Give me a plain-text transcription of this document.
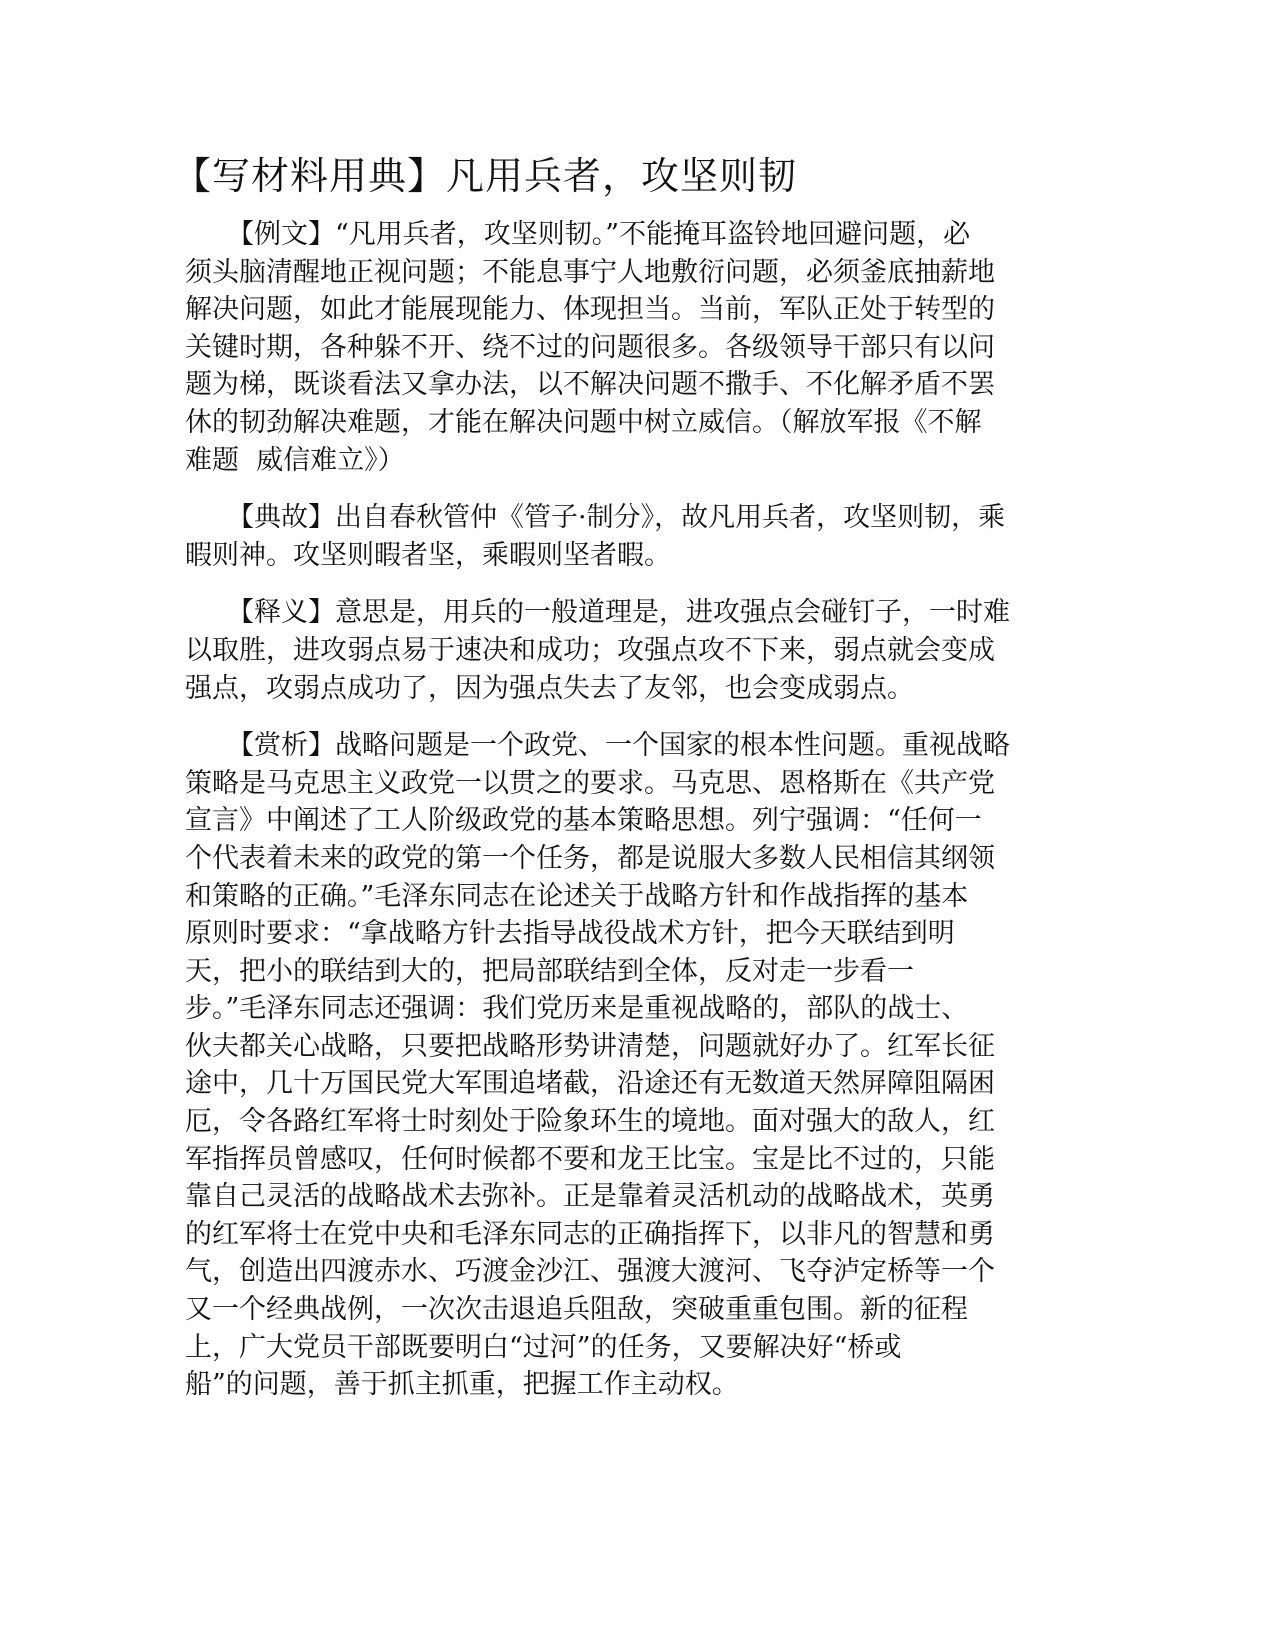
【写材料用典】凡用兵者，攻坚则韧
【例文】“凡用兵者，攻坚则韧。”不能掩耳盗铃地回避问题，必
须头脑清醒地正视问题；不能息事宁人地敷衍问题，必须釜底抽薪地
解决问题，如此才能展现能力、体现担当。当前，军队正处于转型的
关键时期，各种躲不开、绕不过的问题很多。各级领导干部只有以问
题为梯，既谈看法又拿办法，以不解决问题不撒手、不化解矛盾不罢
休的韧劲解决难题，才能在解决问题中树立威信。（解放军报《不解
难题  威信难立》）
【典故】出自春秋管仲《管子·制分》，故凡用兵者，攻坚则韧，乘
暇则神。攻坚则暇者坚，乘暇则坚者暇。
【释义】意思是，用兵的一般道理是，进攻强点会碰钉子，一时难
以取胜，进攻弱点易于速决和成功；攻强点攻不下来，弱点就会变成
强点，攻弱点成功了，因为强点失去了友邻，也会变成弱点。
【赏析】战略问题是一个政党、一个国家的根本性问题。重视战略
策略是马克思主义政党一以贯之的要求。马克思、恩格斯在《共产党
宣言》中阐述了工人阶级政党的基本策略思想。列宁强调：“任何一
个代表着未来的政党的第一个任务，都是说服大多数人民相信其纲领
和策略的正确。”毛泽东同志在论述关于战略方针和作战指挥的基本
原则时要求：“拿战略方针去指导战役战术方针，把今天联结到明
天，把小的联结到大的，把局部联结到全体，反对走一步看一
步。”毛泽东同志还强调：我们党历来是重视战略的，部队的战士、
伙夫都关心战略，只要把战略形势讲清楚，问题就好办了。红军长征
途中，几十万国民党大军围追堵截，沿途还有无数道天然屏障阻隔困
厄，令各路红军将士时刻处于险象环生的境地。面对强大的敌人，红
军指挥员曾感叹，任何时候都不要和龙王比宝。宝是比不过的，只能
靠自己灵活的战略战术去弥补。正是靠着灵活机动的战略战术，英勇
的红军将士在党中央和毛泽东同志的正确指挥下，以非凡的智慧和勇
气，创造出四渡赤水、巧渡金沙江、强渡大渡河、飞夺泸定桥等一个
又一个经典战例，一次次击退追兵阻敌，突破重重包围。新的征程
上，广大党员干部既要明白“过河”的任务，又要解决好“桥或
船”的问题，善于抓主抓重，把握工作主动权。
